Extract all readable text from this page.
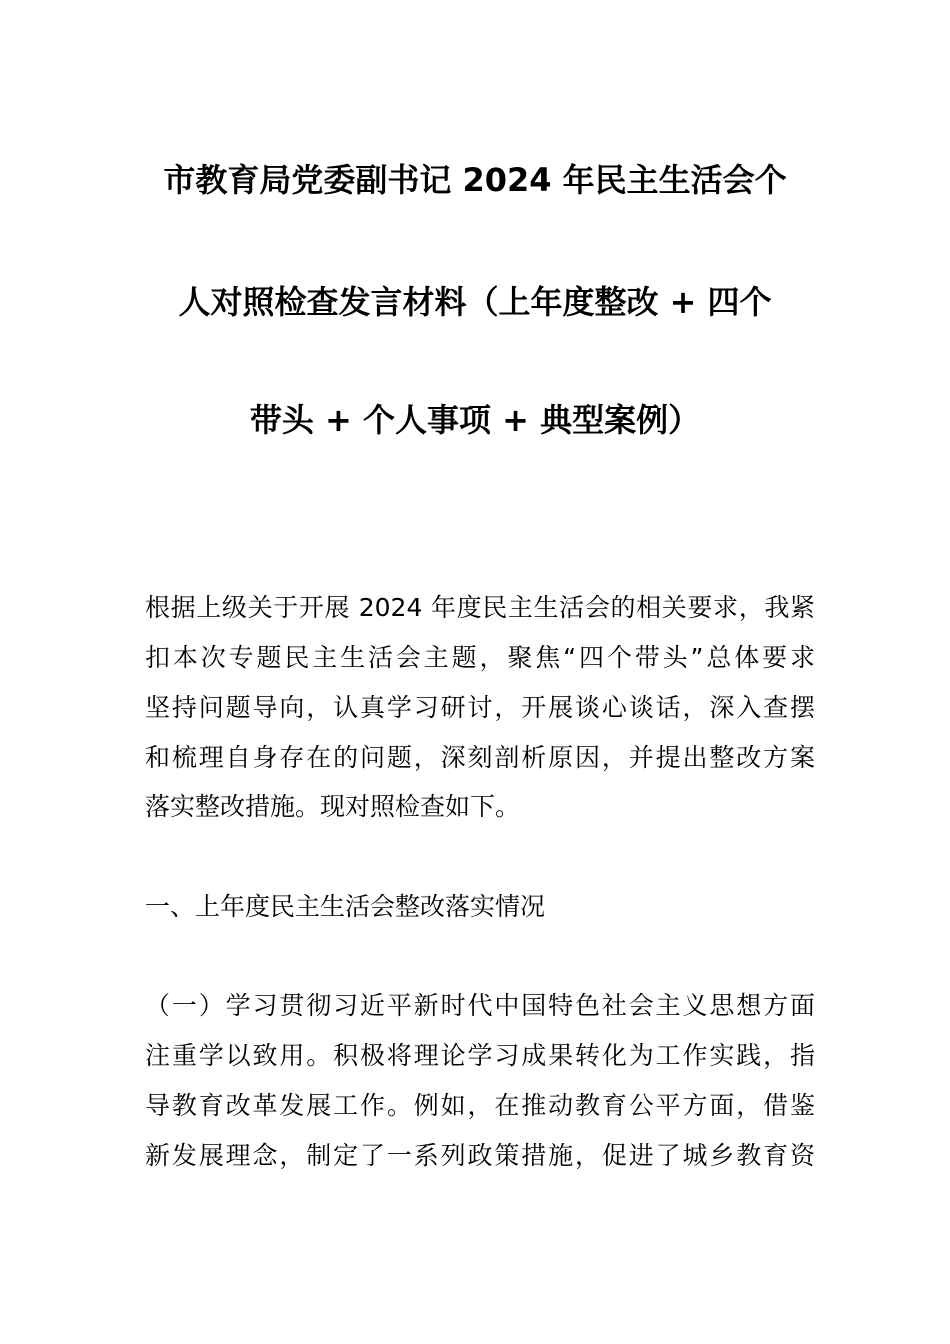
市教育局党委副书记 2024 年民主生活会个
人对照检查发言材料（上年度整改 + 四个
带头 + 个人事项 + 典型案例）
根据上级关于开展 2024 年度民主生活会的相关要求，我紧
扣本次专题民主生活会主题，聚焦“四个带头”总体要求
坚持问题导向，认真学习研讨，开展谈心谈话，深入查摆
和梳理自身存在的问题，深刻剖析原因，并提出整改方案
落实整改措施。现对照检查如下。
一、上年度民主生活会整改落实情况
（一）学习贯彻习近平新时代中国特色社会主义思想方面
注重学以致用。积极将理论学习成果转化为工作实践，指
导教育改革发展工作。例如，在推动教育公平方面，借鉴
新发展理念，制定了一系列政策措施，促进了城乡教育资
